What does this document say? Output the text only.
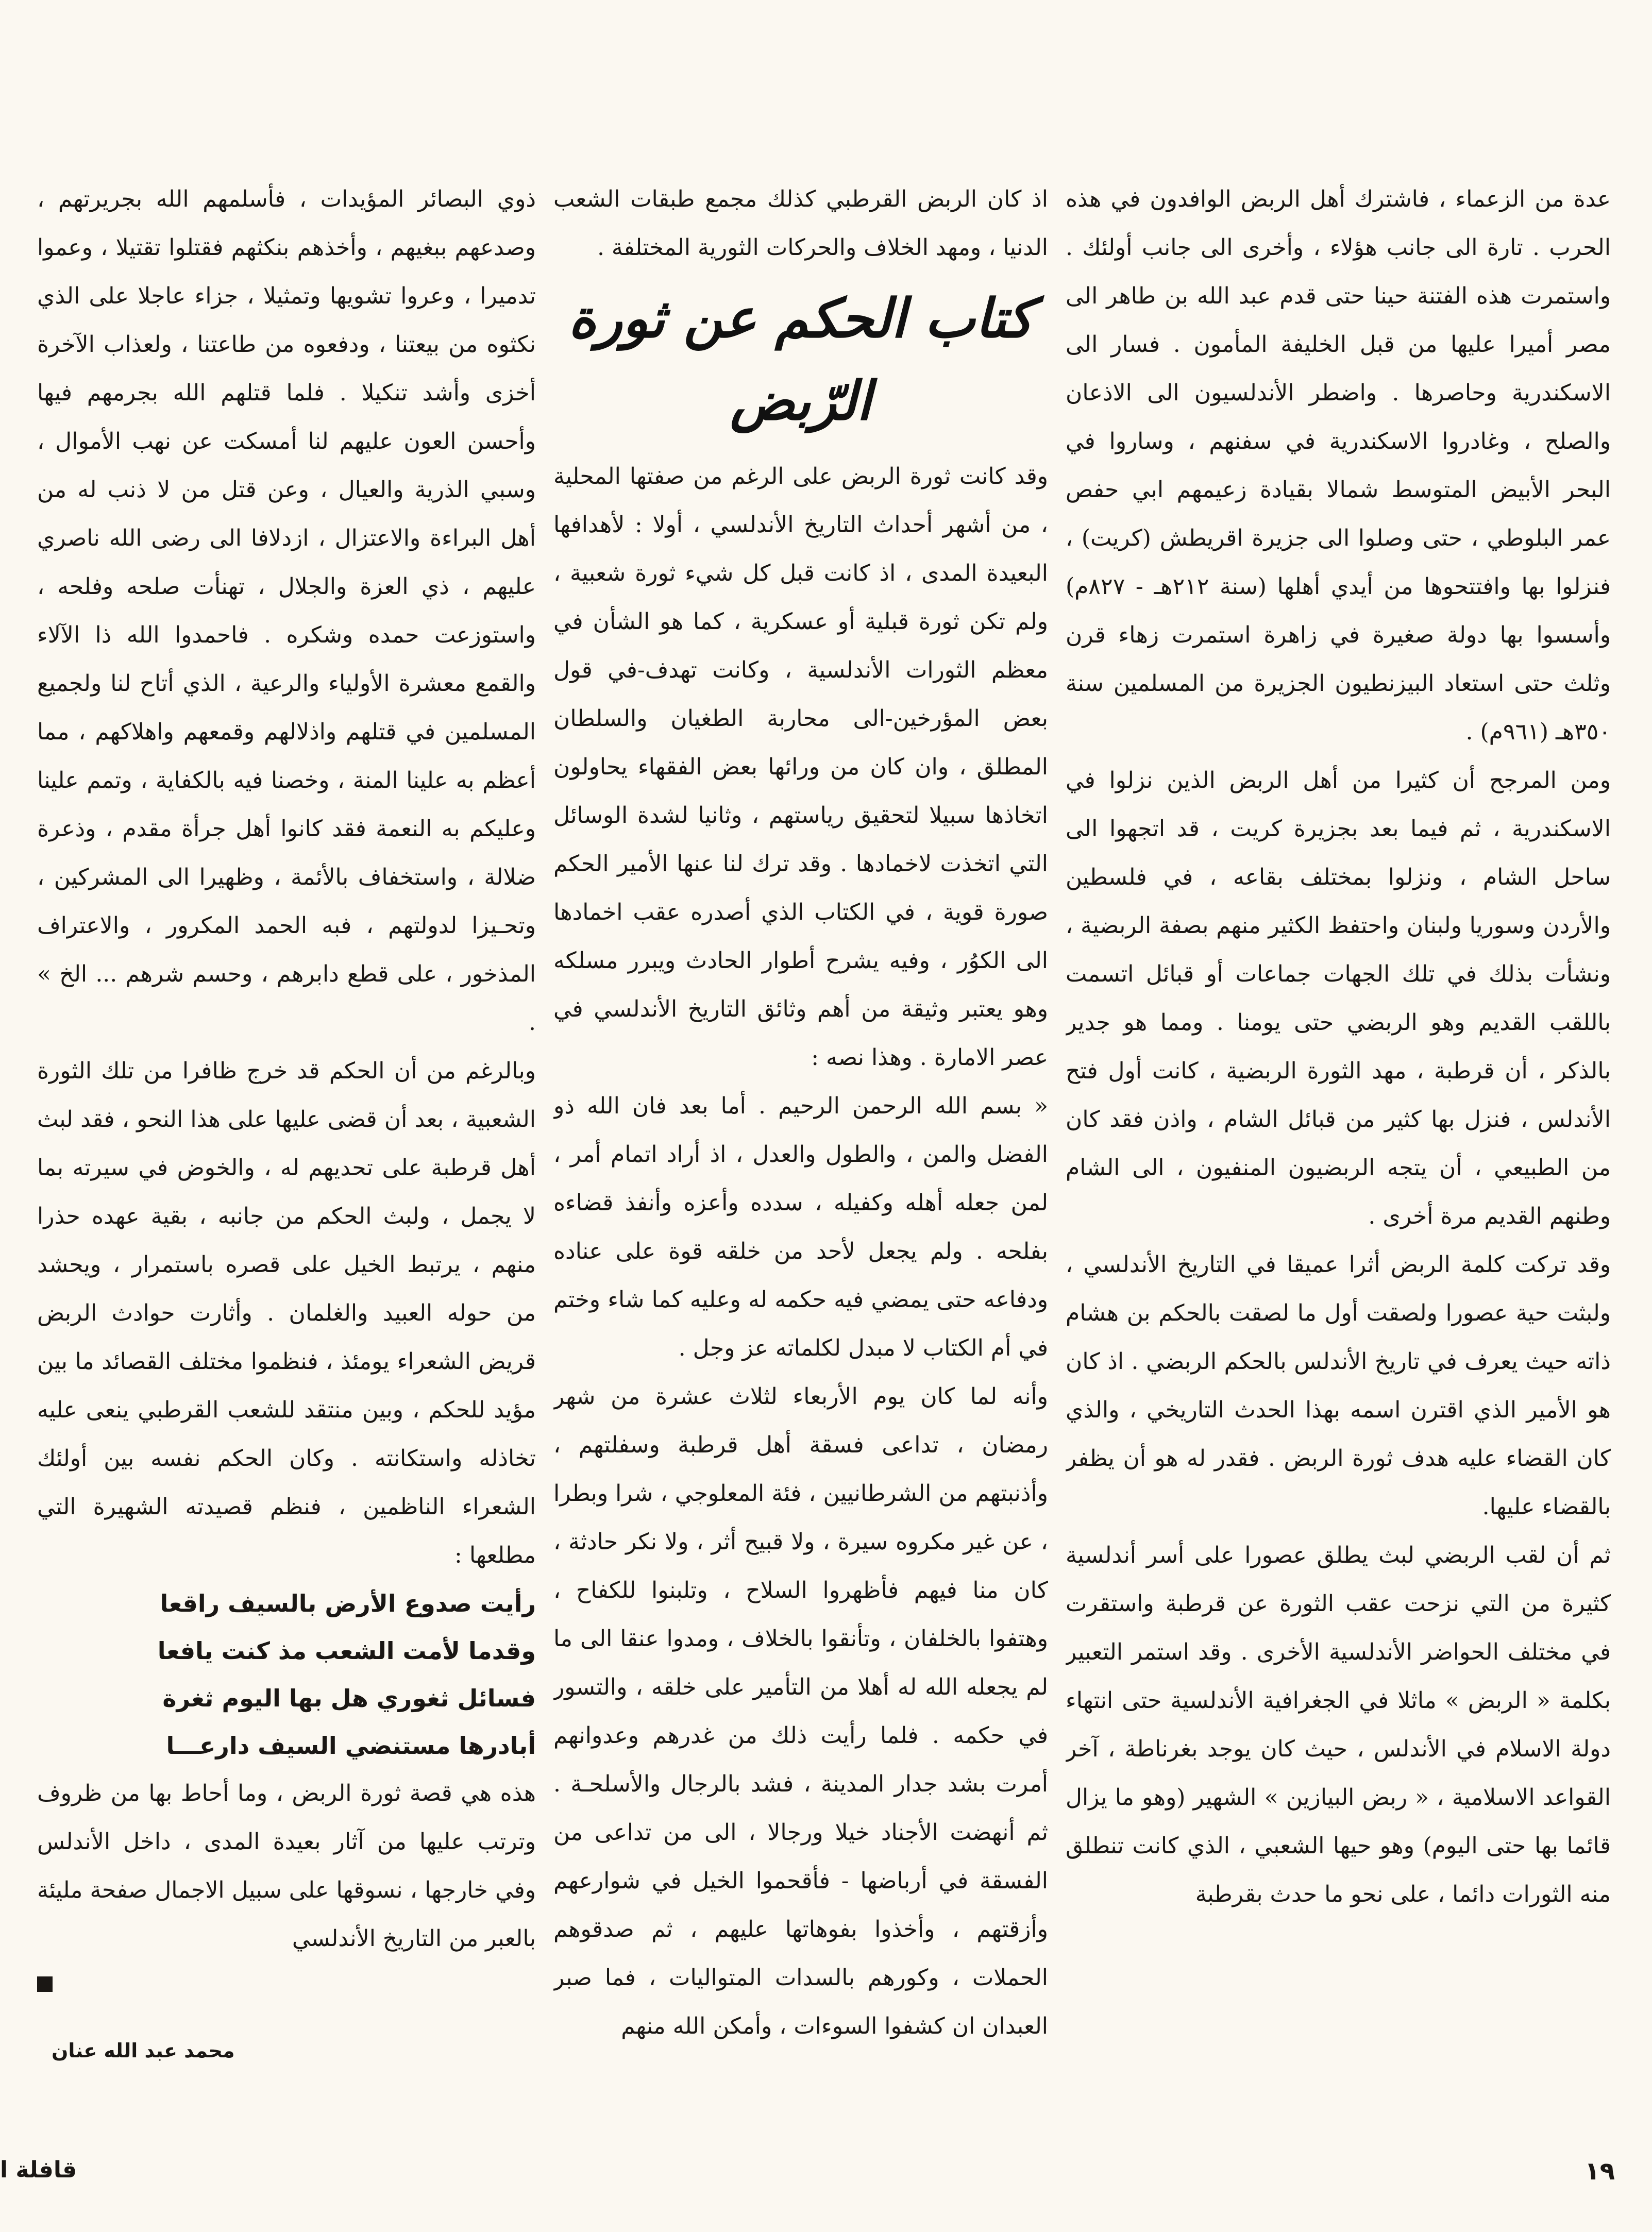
عدة من الزعماء ، فاشترك أهل الربض الوافدون في هذه الحرب . تارة الى جانب هؤلاء ، وأخرى الى جانب أولئك . واستمرت هذه الفتنة حينا حتى قدم عبد الله بن طاهر الى مصر أميرا عليها من قبل الخليفة المأمون . فسار الى الاسكندرية وحاصرها . واضطر الأندلسيون الى الاذعان والصلح ، وغادروا الاسكندرية في سفنهم ، وساروا في البحر الأبيض المتوسط شمالا بقيادة زعيمهم ابي حفص عمر البلوطي ، حتى وصلوا الى جزيرة اقريطش (كريت) ، فنزلوا بها وافتتحوها من أيدي أهلها (سنة ٢١٢هـ - ٨٢٧م) وأسسوا بها دولة صغيرة في زاهرة استمرت زهاء قرن وثلث حتى استعاد البيزنطيون الجزيرة من المسلمين سنة ٣٥٠هـ (٩٦١م) .

ومن المرجح أن كثيرا من أهل الربض الذين نزلوا في الاسكندرية ، ثم فيما بعد بجزيرة كريت ، قد اتجهوا الى ساحل الشام ، ونزلوا بمختلف بقاعه ، في فلسطين والأردن وسوريا ولبنان واحتفظ الكثير منهم بصفة الربضية ، ونشأت بذلك في تلك الجهات جماعات أو قبائل اتسمت باللقب القديم وهو الربضي حتى يومنا . ومما هو جدير بالذكر ، أن قرطبة ، مهد الثورة الربضية ، كانت أول فتح الأندلس ، فنزل بها كثير من قبائل الشام ، واذن فقد كان من الطبيعي ، أن يتجه الربضيون المنفيون ، الى الشام وطنهم القديم مرة أخرى .

وقد تركت كلمة الربض أثرا عميقا في التاريخ الأندلسي ، ولبثت حية عصورا ولصقت أول ما لصقت بالحكم بن هشام ذاته حيث يعرف في تاريخ الأندلس بالحكم الربضي . اذ كان هو الأمير الذي اقترن اسمه بهذا الحدث التاريخي ، والذي كان القضاء عليه هدف ثورة الربض . فقدر له هو أن يظفر بالقضاء عليها.

ثم أن لقب الربضي لبث يطلق عصورا على أسر أندلسية كثيرة من التي نزحت عقب الثورة عن قرطبة واستقرت في مختلف الحواضر الأندلسية الأخرى . وقد استمر التعبير بكلمة « الربض » ماثلا في الجغرافية الأندلسية حتى انتهاء دولة الاسلام في الأندلس ، حيث كان يوجد بغرناطة ، آخر القواعد الاسلامية ، « ربض البيازين » الشهير (وهو ما يزال قائما بها حتى اليوم) وهو حيها الشعبي ، الذي كانت تنطلق منه الثورات دائما ، على نحو ما حدث بقرطبة

اذ كان الربض القرطبي كذلك مجمع طبقات الشعب الدنيا ، ومهد الخلاف والحركات الثورية المختلفة .

كتاب الحكم عن ثورة الرّبض

وقد كانت ثورة الربض على الرغم من صفتها المحلية ، من أشهر أحداث التاريخ الأندلسي ، أولا : لأهدافها البعيدة المدى ، اذ كانت قبل كل شيء ثورة شعبية ، ولم تكن ثورة قبلية أو عسكرية ، كما هو الشأن في معظم الثورات الأندلسية ، وكانت تهدف-في قول بعض المؤرخين-الى محاربة الطغيان والسلطان المطلق ، وان كان من ورائها بعض الفقهاء يحاولون اتخاذها سبيلا لتحقيق رياستهم ، وثانيا لشدة الوسائل التي اتخذت لاخمادها . وقد ترك لنا عنها الأمير الحكم صورة قوية ، في الكتاب الذي أصدره عقب اخمادها الى الكوُر ، وفيه يشرح أطوار الحادث ويبرر مسلكه وهو يعتبر وثيقة من أهم وثائق التاريخ الأندلسي في عصر الامارة . وهذا نصه :

« بسم الله الرحمن الرحيم . أما بعد فان الله ذو الفضل والمن ، والطول والعدل ، اذ أراد اتمام أمر ، لمن جعله أهله وكفيله ، سدده وأعزه وأنفذ قضاءه بفلحه . ولم يجعل لأحد من خلقه قوة على عناده ودفاعه حتى يمضي فيه حكمه له وعليه كما شاء وختم في أم الكتاب لا مبدل لكلماته عز وجل .

وأنه لما كان يوم الأربعاء لثلاث عشرة من شهر رمضان ، تداعى فسقة أهل قرطبة وسفلتهم ، وأذنبتهم من الشرطانيين ، فئة المعلوجي ، شرا وبطرا ، عن غير مكروه سيرة ، ولا قبيح أثر ، ولا نكر حادثة ، كان منا فيهم فأظهروا السلاح ، وتلبنوا للكفاح ، وهتفوا بالخلفان ، وتأنقوا بالخلاف ، ومدوا عنقا الى ما لم يجعله الله له أهلا من التأمير على خلقه ، والتسور في حكمه . فلما رأيت ذلك من غدرهم وعدوانهم أمرت بشد جدار المدينة ، فشد بالرجال والأسلحـة . ثم أنهضت الأجناد خيلا ورجالا ، الى من تداعى من الفسقة في أرباضها - فأقحموا الخيل في شوارعهم وأزقتهم ، وأخذوا بفوهاتها عليهم ، ثم صدقوهم الحملات ، وكورهم بالسدات المتواليات ، فما صبر العبدان ان كشفوا السوءات ، وأمكن الله منهم

ذوي البصائر المؤيدات ، فأسلمهم الله بجريرتهم ، وصدعهم ببغيهم ، وأخذهم بنكثهم فقتلوا تقتيلا ، وعموا تدميرا ، وعروا تشويها وتمثيلا ، جزاء عاجلا على الذي نكثوه من بيعتنا ، ودفعوه من طاعتنا ، ولعذاب الآخرة أخزى وأشد تنكيلا . فلما قتلهم الله بجرمهم فيها وأحسن العون عليهم لنا أمسكت عن نهب الأموال ، وسبي الذرية والعيال ، وعن قتل من لا ذنب له من أهل البراءة والاعتزال ، ازدلافا الى رضى الله ناصري عليهم ، ذي العزة والجلال ، تهنأت صلحه وفلحه ، واستوزعت حمده وشكره . فاحمدوا الله ذا الآلاء والقمع معشرة الأولياء والرعية ، الذي أتاح لنا ولجميع المسلمين في قتلهم واذلالهم وقمعهم واهلاكهم ، مما أعظم به علينا المنة ، وخصنا فيه بالكفاية ، وتمم علينا وعليكم به النعمة فقد كانوا أهل جرأة مقدم ، وذعرة ضلالة ، واستخفاف بالأئمة ، وظهيرا الى المشركين ، وتحـيزا لدولتهم ، فبه الحمد المكرور ، والاعتراف المذخور ، على قطع دابرهم ، وحسم شرهم ... الخ » .

وبالرغم من أن الحكم قد خرج ظافرا من تلك الثورة الشعبية ، بعد أن قضى عليها على هذا النحو ، فقد لبث أهل قرطبة على تحديهم له ، والخوض في سيرته بما لا يجمل ، ولبث الحكم من جانبه ، بقية عهده حذرا منهم ، يرتبط الخيل على قصره باستمرار ، ويحشد من حوله العبيد والغلمان . وأثارت حوادث الربض قريض الشعراء يومئذ ، فنظموا مختلف القصائد ما بين مؤيد للحكم ، وبين منتقد للشعب القرطبي ينعى عليه تخاذله واستكانته . وكان الحكم نفسه بين أولئك الشعراء الناظمين ، فنظم قصيدته الشهيرة التي مطلعها :

رأيت صدوع الأرض بالسيف راقعا

وقدما لأمت الشعب مذ كنت يافعا

فسائل ثغوري هل بها اليوم ثغرة

أبادرها مستنضي السيف دارعـــا

هذه هي قصة ثورة الربض ، وما أحاط بها من ظروف وترتب عليها من آثار بعيدة المدى ، داخل الأندلس وفي خارجها ، نسوقها على سبيل الاجمال صفحة مليئة بالعبر من التاريخ الأندلسي

محمد عبد الله عنان
١٩
قافلة ا
